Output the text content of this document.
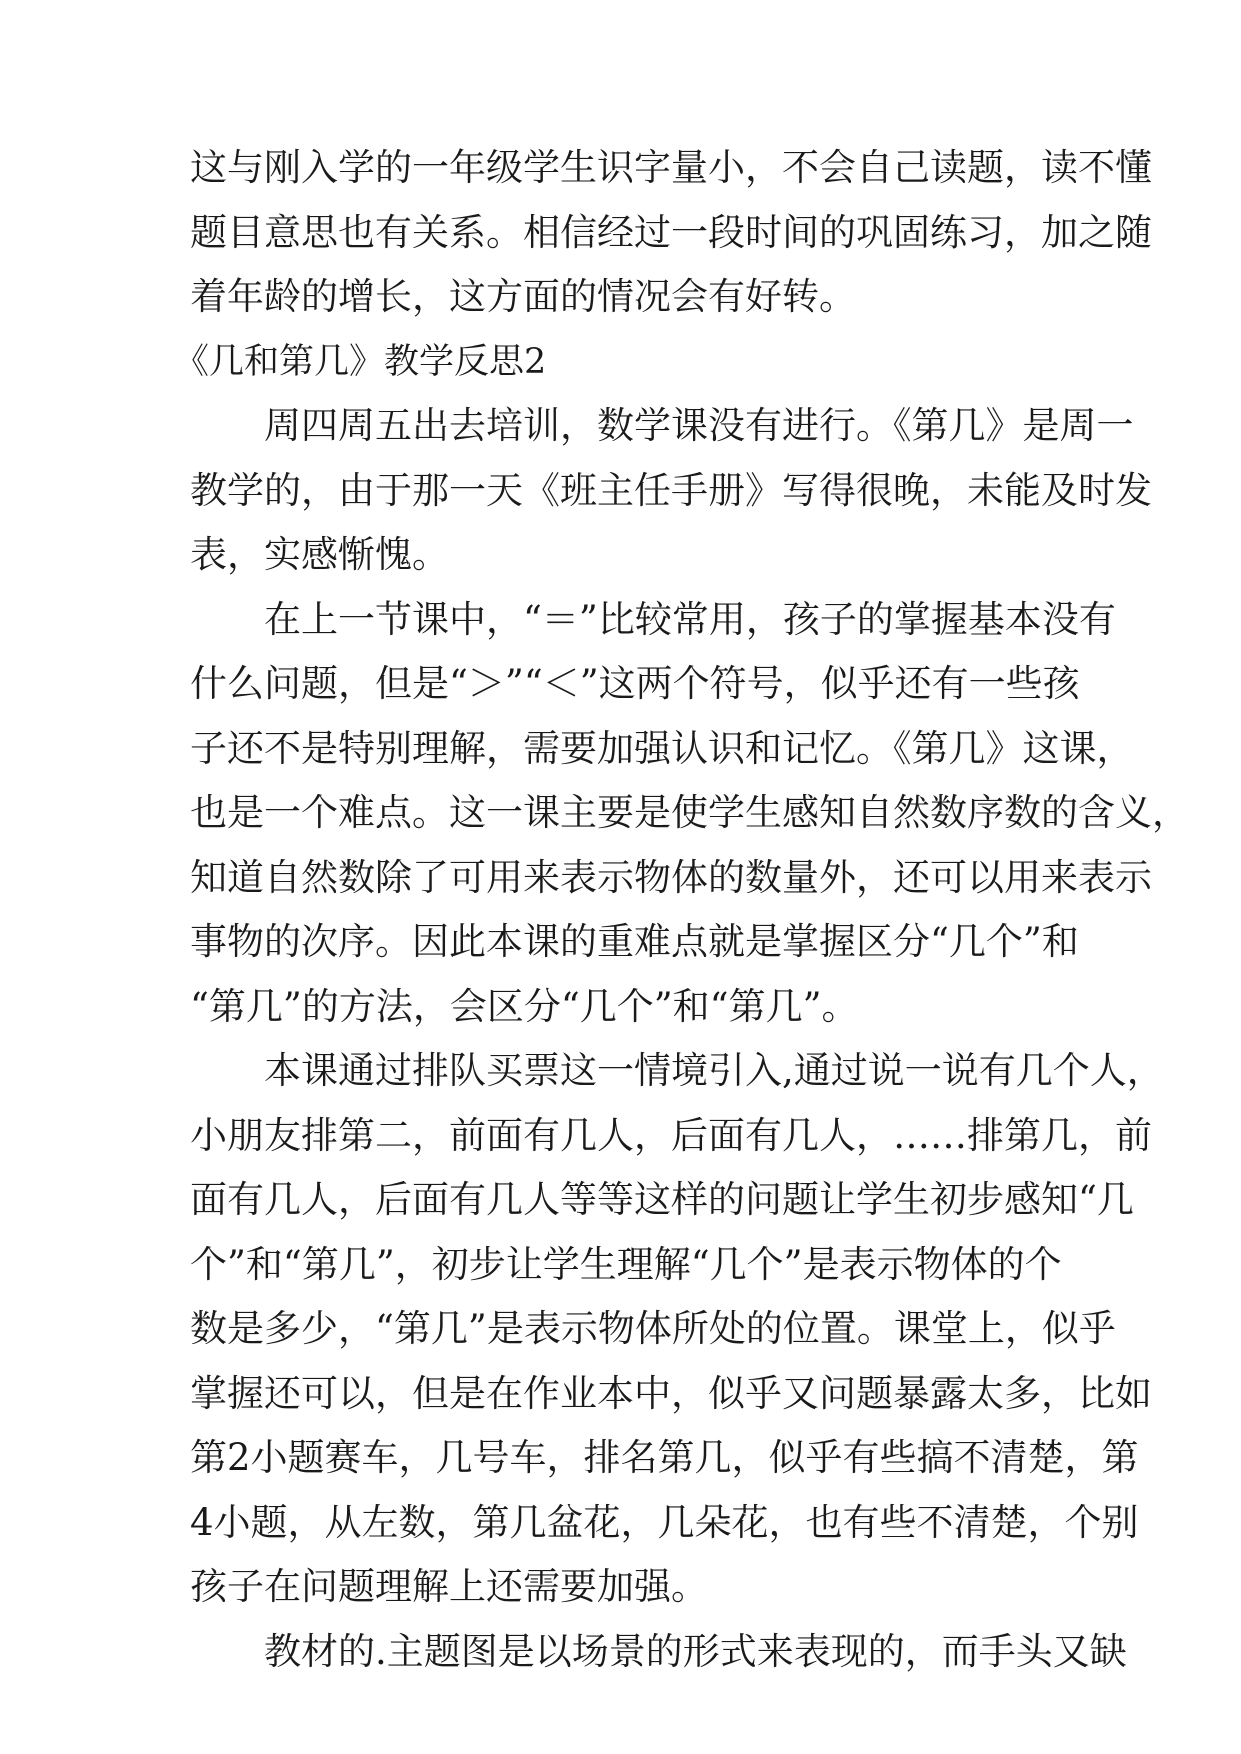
这与刚入学的一年级学生识字量小，不会自己读题，读不懂
题目意思也有关系。相信经过一段时间的巩固练习，加之随
着年龄的增长，这方面的情况会有好转。
《几和第几》教学反思2
周四周五出去培训，数学课没有进行。《第几》是周一
教学的，由于那一天《班主任手册》写得很晚，未能及时发
表，实感惭愧。
在上一节课中，“＝”比较常用，孩子的掌握基本没有
什么问题，但是“＞”“＜”这两个符号，似乎还有一些孩
子还不是特别理解，需要加强认识和记忆。《第几》这课，
也是一个难点。这一课主要是使学生感知自然数序数的含义，
知道自然数除了可用来表示物体的数量外，还可以用来表示
事物的次序。因此本课的重难点就是掌握区分“几个”和
“第几”的方法，会区分“几个”和“第几”。
本课通过排队买票这一情境引入,通过说一说有几个人，
小朋友排第二，前面有几人，后面有几人，……排第几，前
面有几人，后面有几人等等这样的问题让学生初步感知“几
个”和“第几”，初步让学生理解“几个”是表示物体的个
数是多少，“第几”是表示物体所处的位置。课堂上，似乎
掌握还可以，但是在作业本中，似乎又问题暴露太多，比如
第2小题赛车，几号车，排名第几，似乎有些搞不清楚，第
4小题，从左数，第几盆花，几朵花，也有些不清楚，个别
孩子在问题理解上还需要加强。
教材的.主题图是以场景的形式来表现的，而手头又缺
